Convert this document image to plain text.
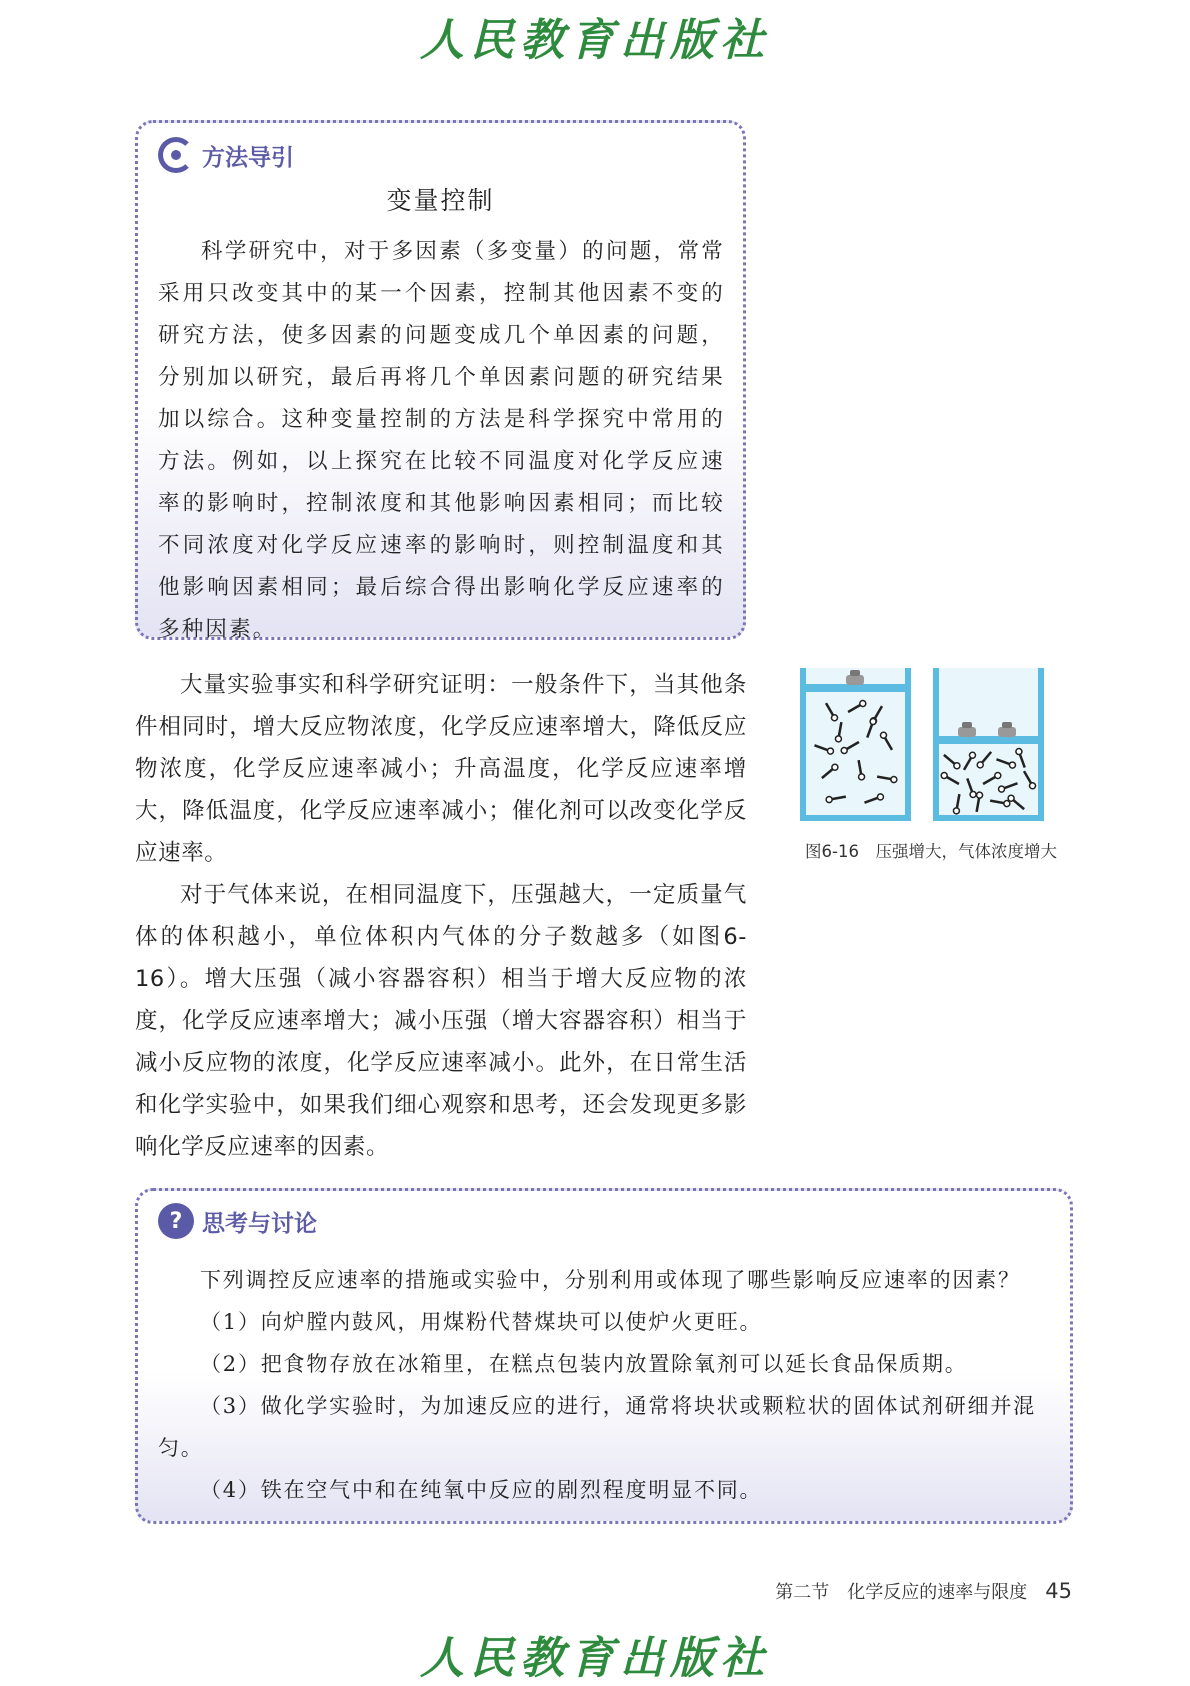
人民教育出版社
方法导引
变量控制

科学研究中，对于多因素（多变量）的问题，常常采用只改变其中的某一个因素，控制其他因素不变的研究方法，使多因素的问题变成几个单因素的问题，分别加以研究，最后再将几个单因素问题的研究结果加以综合。这种变量控制的方法是科学探究中常用的方法。例如，以上探究在比较不同温度对化学反应速率的影响时，控制浓度和其他影响因素相同；而比较不同浓度对化学反应速率的影响时，则控制温度和其他影响因素相同；最后综合得出影响化学反应速率的多种因素。

大量实验事实和科学研究证明：一般条件下，当其他条件相同时，增大反应物浓度，化学反应速率增大，降低反应物浓度，化学反应速率减小；升高温度，化学反应速率增大，降低温度，化学反应速率减小；催化剂可以改变化学反应速率。

对于气体来说，在相同温度下，压强越大，一定质量气体的体积越小，单位体积内气体的分子数越多（如图6-16）。增大压强（减小容器容积）相当于增大反应物的浓度，化学反应速率增大；减小压强（增大容器容积）相当于减小反应物的浓度，化学反应速率减小。此外，在日常生活和化学实验中，如果我们细心观察和思考，还会发现更多影响化学反应速率的因素。

图6-16　压强增大，气体浓度增大
? 思考与讨论

下列调控反应速率的措施或实验中，分别利用或体现了哪些影响反应速率的因素？

（1）向炉膛内鼓风，用煤粉代替煤块可以使炉火更旺。

（2）把食物存放在冰箱里，在糕点包装内放置除氧剂可以延长食品保质期。

（3）做化学实验时，为加速反应的进行，通常将块状或颗粒状的固体试剂研细并混匀。

（4）铁在空气中和在纯氧中反应的剧烈程度明显不同。

第二节　化学反应的速率与限度 45
人民教育出版社
